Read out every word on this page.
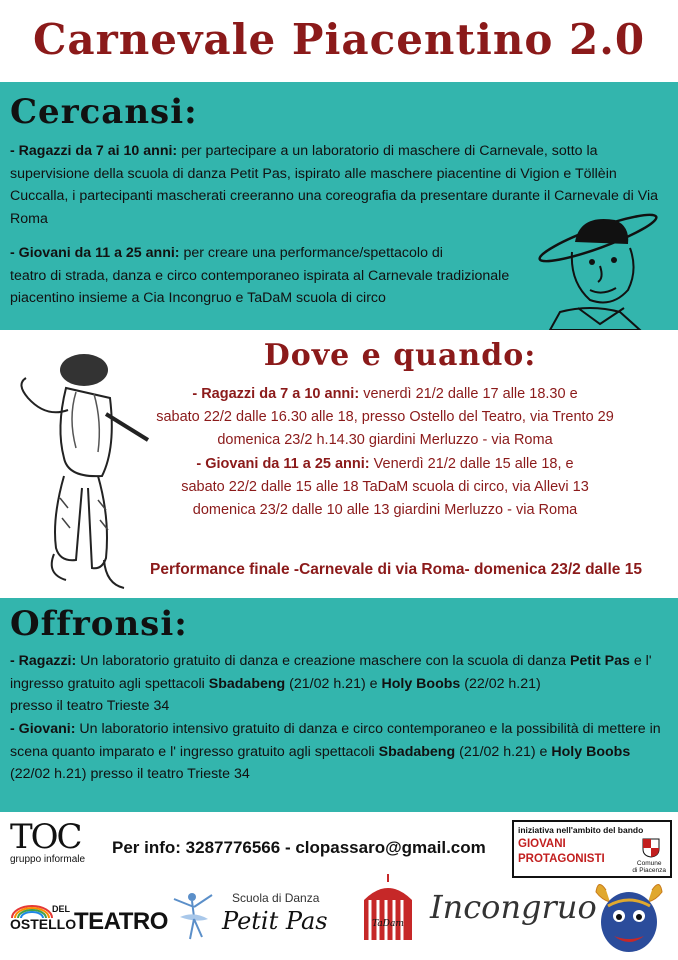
Carnevale Piacentino 2.0
Cercansi:
- Ragazzi da 7 ai 10 anni: per partecipare a un laboratorio di maschere di Carnevale, sotto la supervisione della scuola di danza Petit Pas, ispirato alle maschere piacentine di Vigion e Töllèin Cuccalla, i partecipanti mascherati creeranno una coreografia da presentare durante il Carnevale di Via Roma
- Giovani da 11 a 25 anni: per creare una performance/spettacolo di
teatro di strada, danza e circo contemporaneo ispirata al Carnevale tradizionale
piacentino insieme a Cia Incongruo e TaDaM scuola di circo
Dove e quando:
- Ragazzi da 7 a 10 anni: venerdì 21/2 dalle 17 alle 18.30 e
sabato 22/2 dalle 16.30 alle 18, presso Ostello del Teatro, via Trento 29
domenica 23/2 h.14.30 giardini Merluzzo - via Roma
- Giovani da 11 a 25 anni: Venerdì 21/2 dalle 15 alle 18, e
sabato 22/2 dalle 15 alle 18 TaDaM scuola di circo, via Allevi 13
domenica 23/2 dalle 10 alle 13 giardini Merluzzo - via Roma
Performance finale -Carnevale di via Roma- domenica 23/2 dalle 15
Offronsi:
- Ragazzi: Un laboratorio gratuito di danza e creazione maschere con la scuola di danza Petit Pas e l' ingresso gratuito agli spettacoli Sbadabeng (21/02 h.21) e Holy Boobs (22/02 h.21)
presso il teatro Trieste 34
- Giovani: Un laboratorio intensivo gratuito di danza e circo contemporaneo e la possibilità di mettere in scena quanto imparato e l' ingresso gratuito agli spettacoli Sbadabeng (21/02 h.21) e Holy Boobs (22/02 h.21) presso il teatro Trieste 34
TOC
gruppo informale
Per info: 3287776566 - clopassaro@gmail.com
iniziativa nell'ambito del bando
GIOVANI
PROTAGONISTI	Comune
di Piacenza
DEL
OSTELLO
TEATRO
Scuola di Danza
Petit Pas	TaDam Incongruo
